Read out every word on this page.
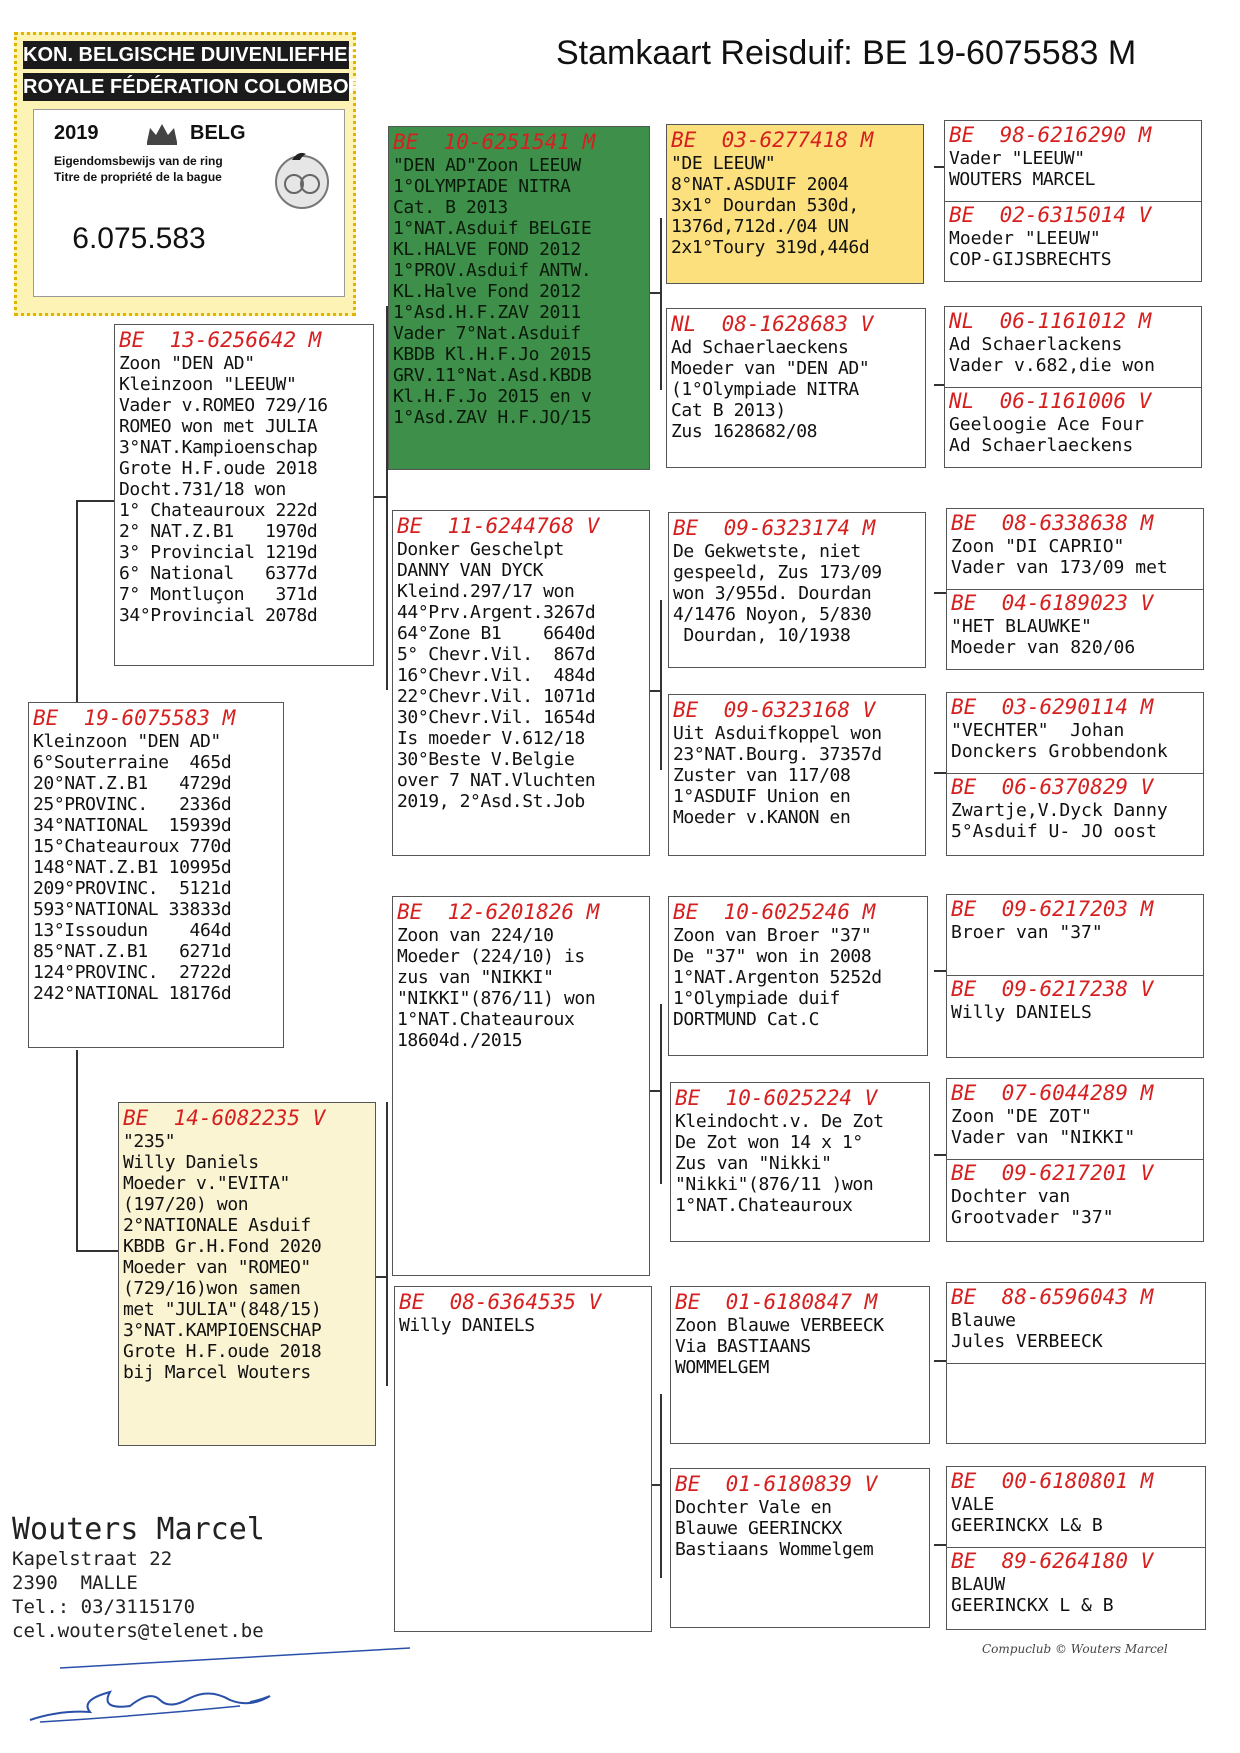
Stamkaart Reisduif: BE 19-6075583 M
KON. BELGISCHE DUIVENLIEFHEBBERSBOND
ROYALE FÉDÉRATION COLOMBOPHILE BELGE
2019	BELG
Eigendomsbewijs van de ring
Titre de propriété de la bague
6.075.583
BE  19-6075583 M
Kleinzoon "DEN AD"
6°Souterraine  465d
20°NAT.Z.B1   4729d
25°PROVINC.   2336d
34°NATIONAL  15939d
15°Chateauroux 770d
148°NAT.Z.B1 10995d
209°PROVINC.  5121d
593°NATIONAL 33833d
13°Issoudun    464d
85°NAT.Z.B1   6271d
124°PROVINC.  2722d
242°NATIONAL 18176d
BE  13-6256642 M
Zoon "DEN AD"
Kleinzoon "LEEUW"
Vader v.ROMEO 729/16
ROMEO won met JULIA
3°NAT.Kampioenschap
Grote H.F.oude 2018
Docht.731/18 won
1° Chateauroux 222d
2° NAT.Z.B1   1970d
3° Provincial 1219d
6° National   6377d
7° Montluçon   371d
34°Provincial 2078d
BE  14-6082235 V
"235"
Willy Daniels
Moeder v."EVITA"
(197/20) won
2°NATIONALE Asduif
KBDB Gr.H.Fond 2020
Moeder van "ROMEO"
(729/16)won samen
met "JULIA"(848/15)
3°NAT.KAMPIOENSCHAP
Grote H.F.oude 2018
bij Marcel Wouters
BE  10-6251541 M
"DEN AD"Zoon LEEUW
1°OLYMPIADE NITRA
Cat. B 2013
1°NAT.Asduif BELGIE
KL.HALVE FOND 2012
1°PROV.Asduif ANTW.
KL.Halve Fond 2012
1°Asd.H.F.ZAV 2011
Vader 7°Nat.Asduif
KBDB Kl.H.F.Jo 2015
GRV.11°Nat.Asd.KBDB
Kl.H.F.Jo 2015 en v
1°Asd.ZAV H.F.JO/15
BE  11-6244768 V
Donker Geschelpt
DANNY VAN DYCK
Kleind.297/17 won
44°Prv.Argent.3267d
64°Zone B1    6640d
5° Chevr.Vil.  867d
16°Chevr.Vil.  484d
22°Chevr.Vil. 1071d
30°Chevr.Vil. 1654d
Is moeder V.612/18
30°Beste V.Belgie
over 7 NAT.Vluchten
2019, 2°Asd.St.Job
BE  12-6201826 M
Zoon van 224/10
Moeder (224/10) is
zus van "NIKKI"
"NIKKI"(876/11) won
1°NAT.Chateauroux
18604d./2015
BE  08-6364535 V
Willy DANIELS
BE  03-6277418 M
"DE LEEUW"
8°NAT.ASDUIF 2004
3x1° Dourdan 530d,
1376d,712d./04 UN
2x1°Toury 319d,446d
NL  08-1628683 V
Ad Schaerlaeckens
Moeder van "DEN AD"
(1°Olympiade NITRA
Cat B 2013)
Zus 1628682/08
BE  09-6323174 M
De Gekwetste, niet
gespeeld, Zus 173/09
won 3/955d. Dourdan
4/1476 Noyon, 5/830
Dourdan, 10/1938
BE  09-6323168 V
Uit Asduifkoppel won
23°NAT.Bourg. 37357d
Zuster van 117/08
1°ASDUIF Union en
Moeder v.KANON en
BE  10-6025246 M
Zoon van Broer "37"
De "37" won in 2008
1°NAT.Argenton 5252d
1°Olympiade duif
DORTMUND Cat.C
BE  10-6025224 V
Kleindocht.v. De Zot
De Zot won 14 x 1°
Zus van "Nikki"
"Nikki"(876/11 )won
1°NAT.Chateauroux
BE  01-6180847 M
Zoon Blauwe VERBEECK
Via BASTIAANS
WOMMELGEM
BE  01-6180839 V
Dochter Vale en
Blauwe GEERINCKX
Bastiaans Wommelgem
BE  98-6216290 M
Vader "LEEUW"
WOUTERS MARCEL
BE  02-6315014 V
Moeder "LEEUW"
COP-GIJSBRECHTS
NL  06-1161012 M
Ad Schaerlackens
Vader v.682,die won
NL  06-1161006 V
Geeloogie Ace Four
Ad Schaerlaeckens
BE  08-6338638 M
Zoon "DI CAPRIO"
Vader van 173/09 met
BE  04-6189023 V
"HET BLAUWKE"
Moeder van 820/06
BE  03-6290114 M
"VECHTER"  Johan
Donckers Grobbendonk
BE  06-6370829 V
Zwartje,V.Dyck Danny
5°Asduif U- JO oost
BE  09-6217203 M
Broer van "37"
BE  09-6217238 V
Willy DANIELS
BE  07-6044289 M
Zoon "DE ZOT"
Vader van "NIKKI"
BE  09-6217201 V
Dochter van
Grootvader "37"
BE  88-6596043 M
Blauwe
Jules VERBEECK
BE  00-6180801 M
VALE
GEERINCKX L& B
BE  89-6264180 V
BLAUW
GEERINCKX L & B
Wouters Marcel
Kapelstraat 22
2390  MALLE
Tel.: 03/3115170
cel.wouters@telenet.be
Compuclub © Wouters Marcel
